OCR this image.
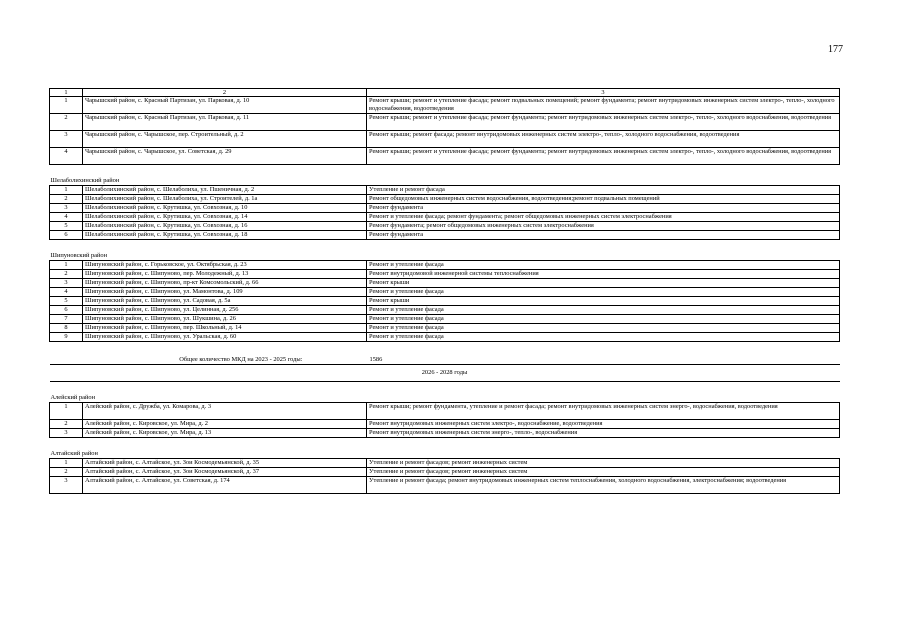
177
1	2	3
1	Чарышский район, с. Красный Партизан, ул. Парковая, д. 10	Ремонт крыши; ремонт и утепление фасада; ремонт подвальных помещений; ремонт фундамента; ремонт внутридомовых инженерных систем электро-, тепло-, холодного водоснабжения, водоотведения
2	Чарышский район, с. Красный Партизан, ул. Парковая, д. 11	Ремонт крыши; ремонт и утепление фасада; ремонт фундамента; ремонт внутридомовых инженерных систем электро-, тепло-, холодного водоснабжения, водоотведения
3	Чарышский район, с. Чарышское, пер. Строительный, д. 2	Ремонт крыши; ремонт фасада; ремонт внутридомовых инженерных систем электро-, тепло-, холодного водоснабжения, водоотведения
4	Чарышский район, с. Чарышское, ул. Советская, д. 29	Ремонт крыши; ремонт и утепление фасада; ремонт фундамента; ремонт внутридомовых инженерных систем электро-, тепло-, холодного водоснабжения, водоотведения
Шелаболихинский район		
1	Шелаболихинский район, с. Шелаболиха, ул. Пшеничная, д. 2	Утепление и ремонт фасада
2	Шелаболихинский район, с. Шелаболиха, ул. Строителей, д. 1а	Ремонт общедомовых инженерных систем водоснабжения, водоотведения;ремонт подвальных помещений
3	Шелаболихинский район, с. Крутишка, ул. Совхозная, д. 10	Ремонт фундамента
4	Шелаболихинский район, с. Крутишка, ул. Совхозная, д. 14	Ремонт и утепление фасада; ремонт фундамента; ремонт общедомовых инженерных систем электроснабжения
5	Шелаболихинский район, с. Крутишка, ул. Совхозная, д. 16	Ремонт фундамента; ремонт общедомовых инженерных систем электроснабжения
6	Шелаболихинский район, с. Крутишка, ул. Совхозная, д. 18	Ремонт фундамента
Шипуновский район		
1	Шипуновский район, с. Горьковское, ул. Октябрьская, д. 23	Ремонт и утепление фасада
2	Шипуновский район, с. Шипуново, пер. Молодежный, д. 13	Ремонт внутридомовой инженерной системы теплоснабжения
3	Шипуновский район, с. Шипуново, пр-кт Комсомольский, д. 66	Ремонт крыши
4	Шипуновский район, с. Шипуново, ул. Мамонтова, д. 109	Ремонт и утепление фасада
5	Шипуновский район, с. Шипуново, ул. Садовая, д. 5а	Ремонт крыши
6	Шипуновский район, с. Шипуново, ул. Целинная, д. 256	Ремонт и утепление фасада
7	Шипуновский район, с. Шипуново, ул. Шукшина, д. 26	Ремонт и утепление фасада
8	Шипуновский район, с. Шипуново, пер. Школьный, д. 14	Ремонт и утепление фасада
9	Шипуновский район, с. Шипуново, ул. Уральская, д. 60	Ремонт и утепление фасада
Общее количество МКД на 2023 - 2025 годы:		1586
2026 - 2028 годы		
Алейский район		
1	Алейский район, с. Дружба, ул. Комарова, д. 3	Ремонт крыши; ремонт фундамента, утепление и ремонт фасада; ремонт внутридомовых инженерных систем энерго-, водоснабжения, водоотведения
2	Алейский район, с. Кировское, ул. Мира, д. 2	Ремонт внутридомовых инженерных систем электро-, водоснабжение, водоотведения
3	Алейский район, с. Кировское, ул. Мира, д. 13	Ремонт внутридомовых инженерных систем энерго-, тепло-, водоснабжения
Алтайский район		
1	Алтайский район, с. Алтайское, ул. Зои Космодемьянской, д. 35	Утепление и ремонт фасадов; ремонт инженерных систем
2	Алтайский район, с. Алтайское, ул. Зои Космодемьянской, д. 37	Утепление и ремонт фасадов; ремонт инженерных систем
3	Алтайский район, с. Алтайское, ул. Советская, д. 174	Утепление и ремонт фасада; ремонт внутридомовых инженерных систем теплоснабжения, холодного водоснабжения, электроснабжения; водоотведения
